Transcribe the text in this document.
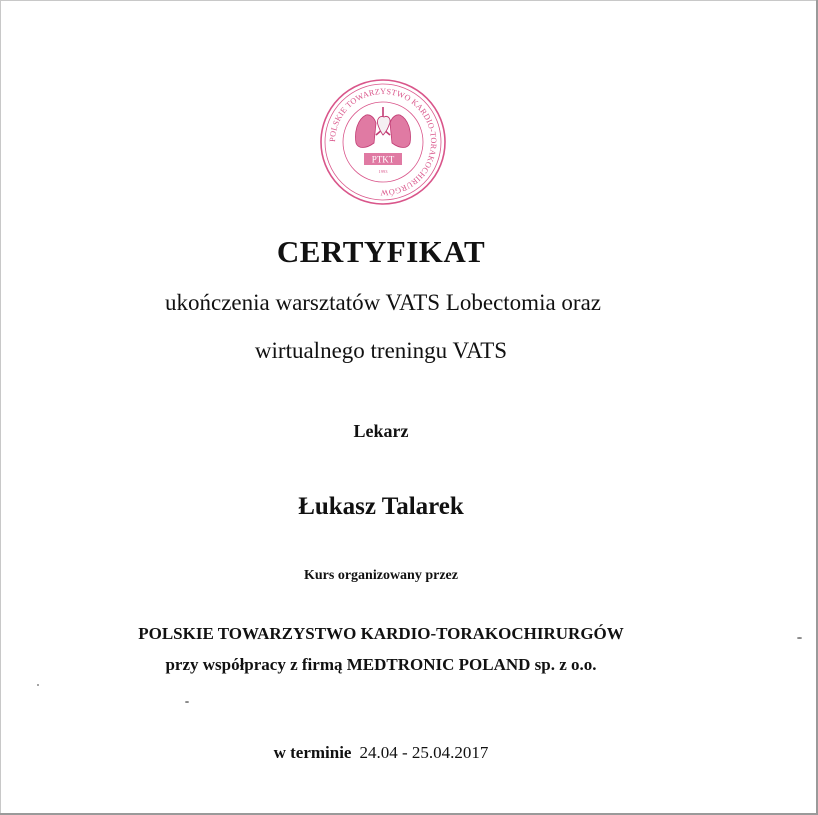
POLSKIE TOWARZYSTWO KARDIO-TORAKOCHIRURGÓW
PTKT
1993
CERTYFIKAT
ukończenia warsztatów VATS Lobectomia oraz
wirtualnego treningu VATS
Lekarz
Łukasz Talarek
Kurs organizowany przez
POLSKIE TOWARZYSTWO KARDIO-TORAKOCHIRURGÓW
przy współpracy z firmą MEDTRONIC POLAND sp. z o.o.
w terminie 24.04 - 25.04.2017
